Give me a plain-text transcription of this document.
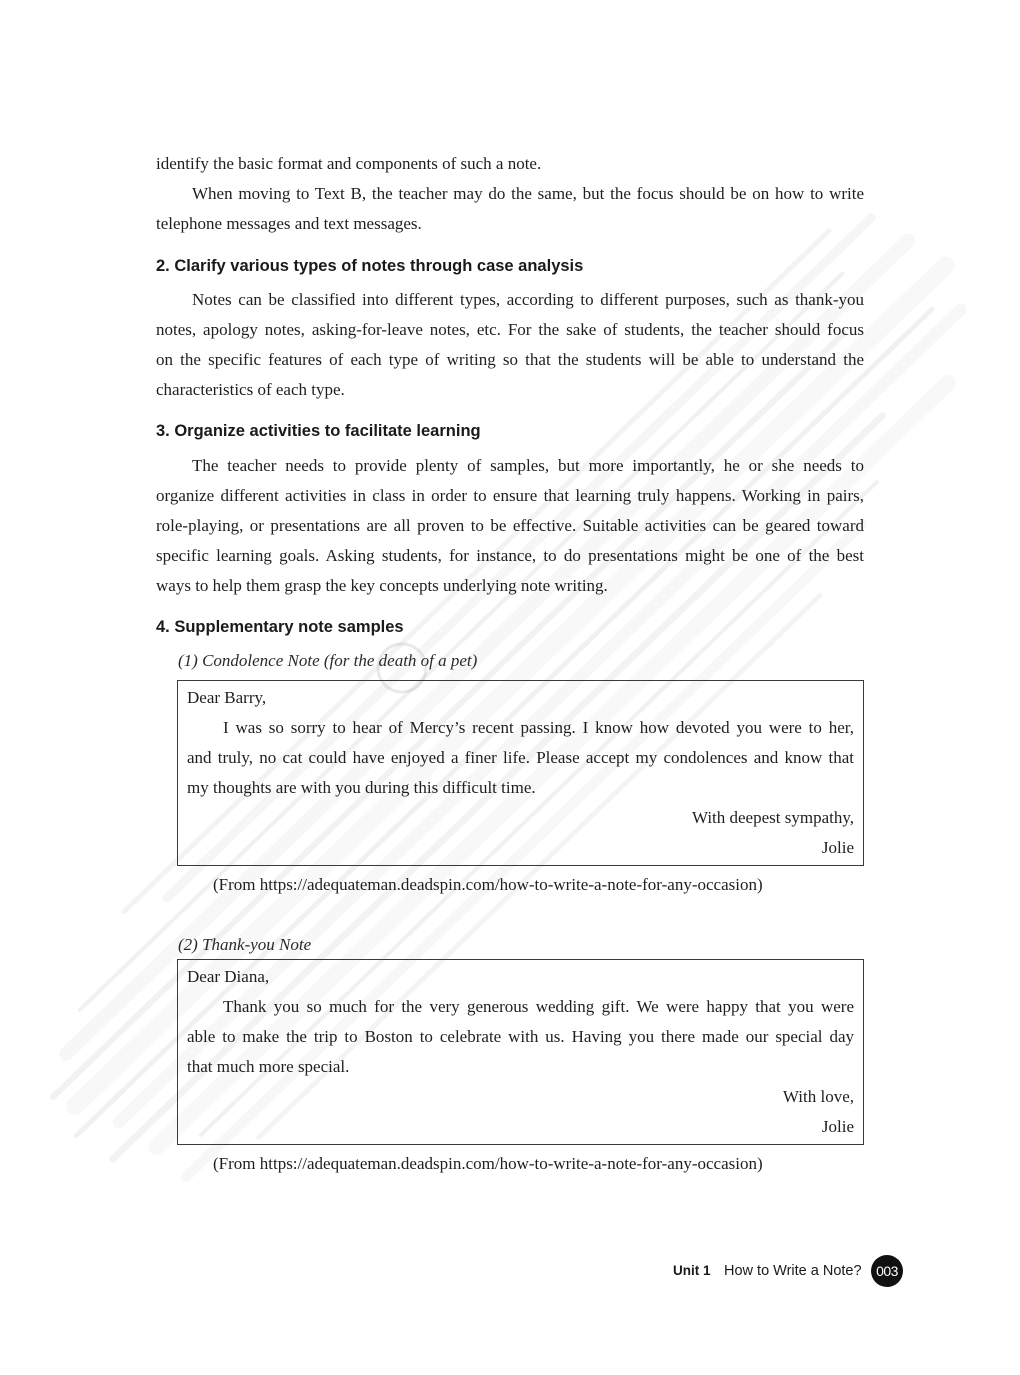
identify the basic format and components of such a note.
When moving to Text B, the teacher may do the same, but the focus should be on how to write
telephone messages and text messages.
2. Clarify various types of notes through case analysis
Notes can be classified into different types, according to different purposes, such as thank-you
notes, apology notes, asking-for-leave notes, etc. For the sake of students, the teacher should focus
on the specific features of each type of writing so that the students will be able to understand the
characteristics of each type.
3. Organize activities to facilitate learning
The teacher needs to provide plenty of samples, but more importantly, he or she needs to
organize different activities in class in order to ensure that learning truly happens. Working in pairs,
role-playing, or presentations are all proven to be effective. Suitable activities can be geared toward
specific learning goals. Asking students, for instance, to do presentations might be one of the best
ways to help them grasp the key concepts underlying note writing.
4. Supplementary note samples
(1) Condolence Note (for the death of a pet)
Dear Barry,
I was so sorry to hear of Mercy’s recent passing. I know how devoted you were to her,
and truly, no cat could have enjoyed a finer life. Please accept my condolences and know that
my thoughts are with you during this difficult time.
With deepest sympathy,
Jolie
(From https://adequateman.deadspin.com/how-to-write-a-note-for-any-occasion)
(2) Thank-you Note
Dear Diana,
Thank you so much for the very generous wedding gift. We were happy that you were
able to make the trip to Boston to celebrate with us. Having you there made our special day
that much more special.
With love,
Jolie
(From https://adequateman.deadspin.com/how-to-write-a-note-for-any-occasion)
Unit 1 How to Write a Note?	003
